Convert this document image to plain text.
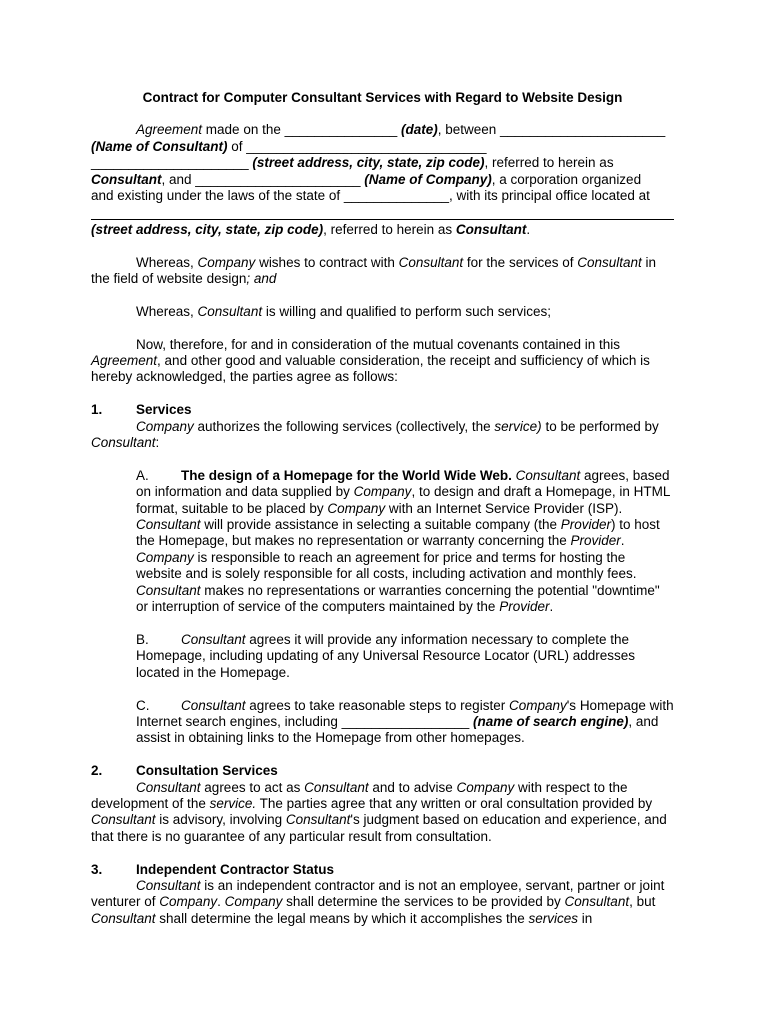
Contract for Computer Consultant Services with Regard to Website Design

Agreement made on the _______________ (date), between ______________________
(Name of Consultant) of ________________________________
_____________________ (street address, city, state, zip code), referred to herein as
Consultant, and ______________________ (Name of Company), a corporation organized
and existing under the laws of the state of ______________, with its principal office located at

(street address, city, state, zip code), referred to herein as Consultant.

Whereas, Company wishes to contract with Consultant for the services of Consultant in the field of website design; and

Whereas, Consultant is willing and qualified to perform such services;

Now, therefore, for and in consideration of the mutual covenants contained in this Agreement, and other good and valuable consideration, the receipt and sufficiency of which is hereby acknowledged, the parties agree as follows:

1.	Services

Company authorizes the following services (collectively, the service) to be performed by Consultant:

A. The design of a Homepage for the World Wide Web. Consultant agrees, based on information and data supplied by Company, to design and draft a Homepage, in HTML format, suitable to be placed by Company with an Internet Service Provider (ISP). Consultant will provide assistance in selecting a suitable company (the Provider) to host the Homepage, but makes no representation or warranty concerning the Provider. Company is responsible to reach an agreement for price and terms for hosting the website and is solely responsible for all costs, including activation and monthly fees. Consultant makes no representations or warranties concerning the potential "downtime" or interruption of service of the computers maintained by the Provider.

B. Consultant agrees it will provide any information necessary to complete the Homepage, including updating of any Universal Resource Locator (URL) addresses located in the Homepage.

C. Consultant agrees to take reasonable steps to register Company's Homepage with Internet search engines, including _________________ (name of search engine), and assist in obtaining links to the Homepage from other homepages.

2.	Consultation Services

Consultant agrees to act as Consultant and to advise Company with respect to the development of the service. The parties agree that any written or oral consultation provided by Consultant is advisory, involving Consultant's judgment based on education and experience, and that there is no guarantee of any particular result from consultation.

3.	Independent Contractor Status

Consultant is an independent contractor and is not an employee, servant, partner or joint venturer of Company. Company shall determine the services to be provided by Consultant, but Consultant shall determine the legal means by which it accomplishes the services in
